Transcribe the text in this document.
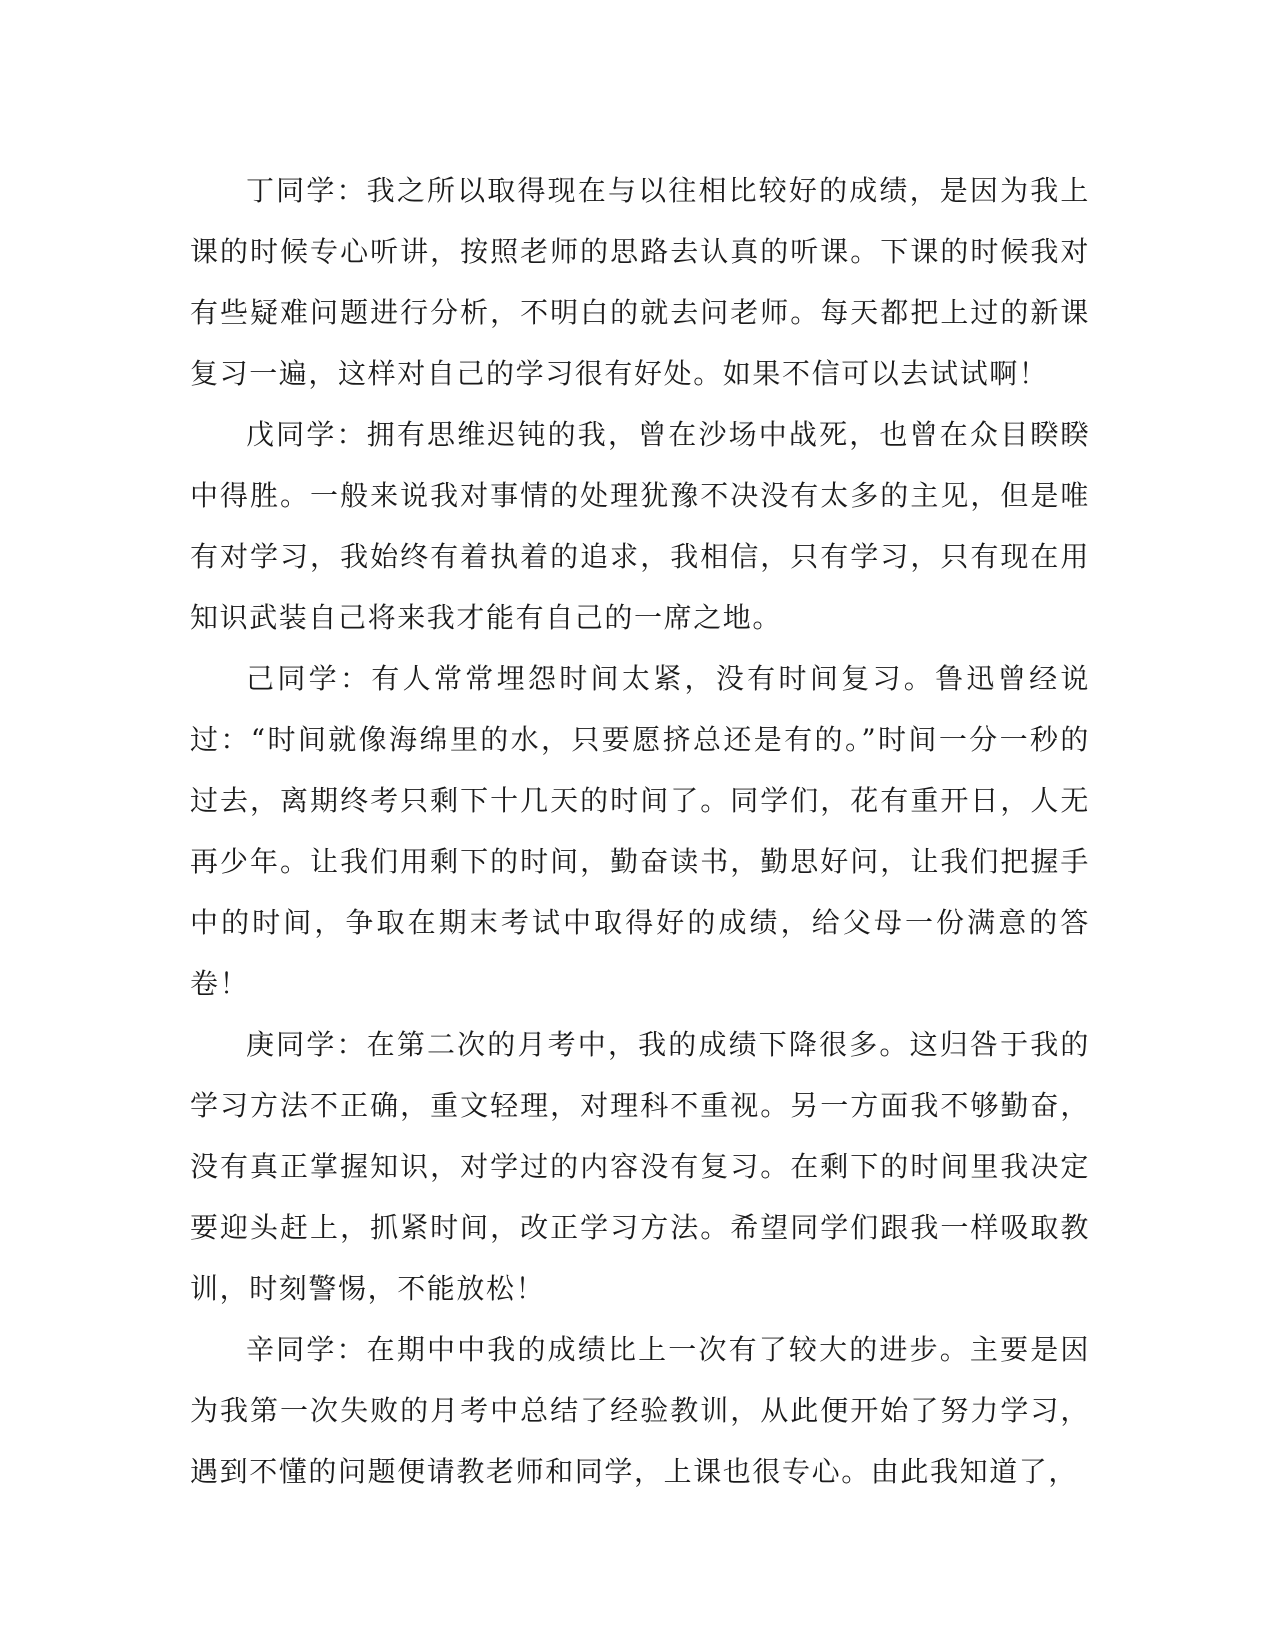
丁同学：我之所以取得现在与以往相比较好的成绩，是因为我上课的时候专心听讲，按照老师的思路去认真的听课。下课的时候我对有些疑难问题进行分析，不明白的就去问老师。每天都把上过的新课复习一遍，这样对自己的学习很有好处。如果不信可以去试试啊！

戊同学：拥有思维迟钝的我，曾在沙场中战死，也曾在众目睽睽中得胜。一般来说我对事情的处理犹豫不决没有太多的主见，但是唯有对学习，我始终有着执着的追求，我相信，只有学习，只有现在用知识武装自己将来我才能有自己的一席之地。

己同学：有人常常埋怨时间太紧，没有时间复习。鲁迅曾经说过：“时间就像海绵里的水，只要愿挤总还是有的。”时间一分一秒的过去，离期终考只剩下十几天的时间了。同学们，花有重开日，人无再少年。让我们用剩下的时间，勤奋读书，勤思好问，让我们把握手中的时间，争取在期末考试中取得好的成绩，给父母一份满意的答卷！

庚同学：在第二次的月考中，我的成绩下降很多。这归咎于我的学习方法不正确，重文轻理，对理科不重视。另一方面我不够勤奋，没有真正掌握知识，对学过的内容没有复习。在剩下的时间里我决定要迎头赶上，抓紧时间，改正学习方法。希望同学们跟我一样吸取教训，时刻警惕，不能放松！

辛同学：在期中中我的成绩比上一次有了较大的进步。主要是因为我第一次失败的月考中总结了经验教训，从此便开始了努力学习，遇到不懂的问题便请教老师和同学，上课也很专心。由此我知道了，
